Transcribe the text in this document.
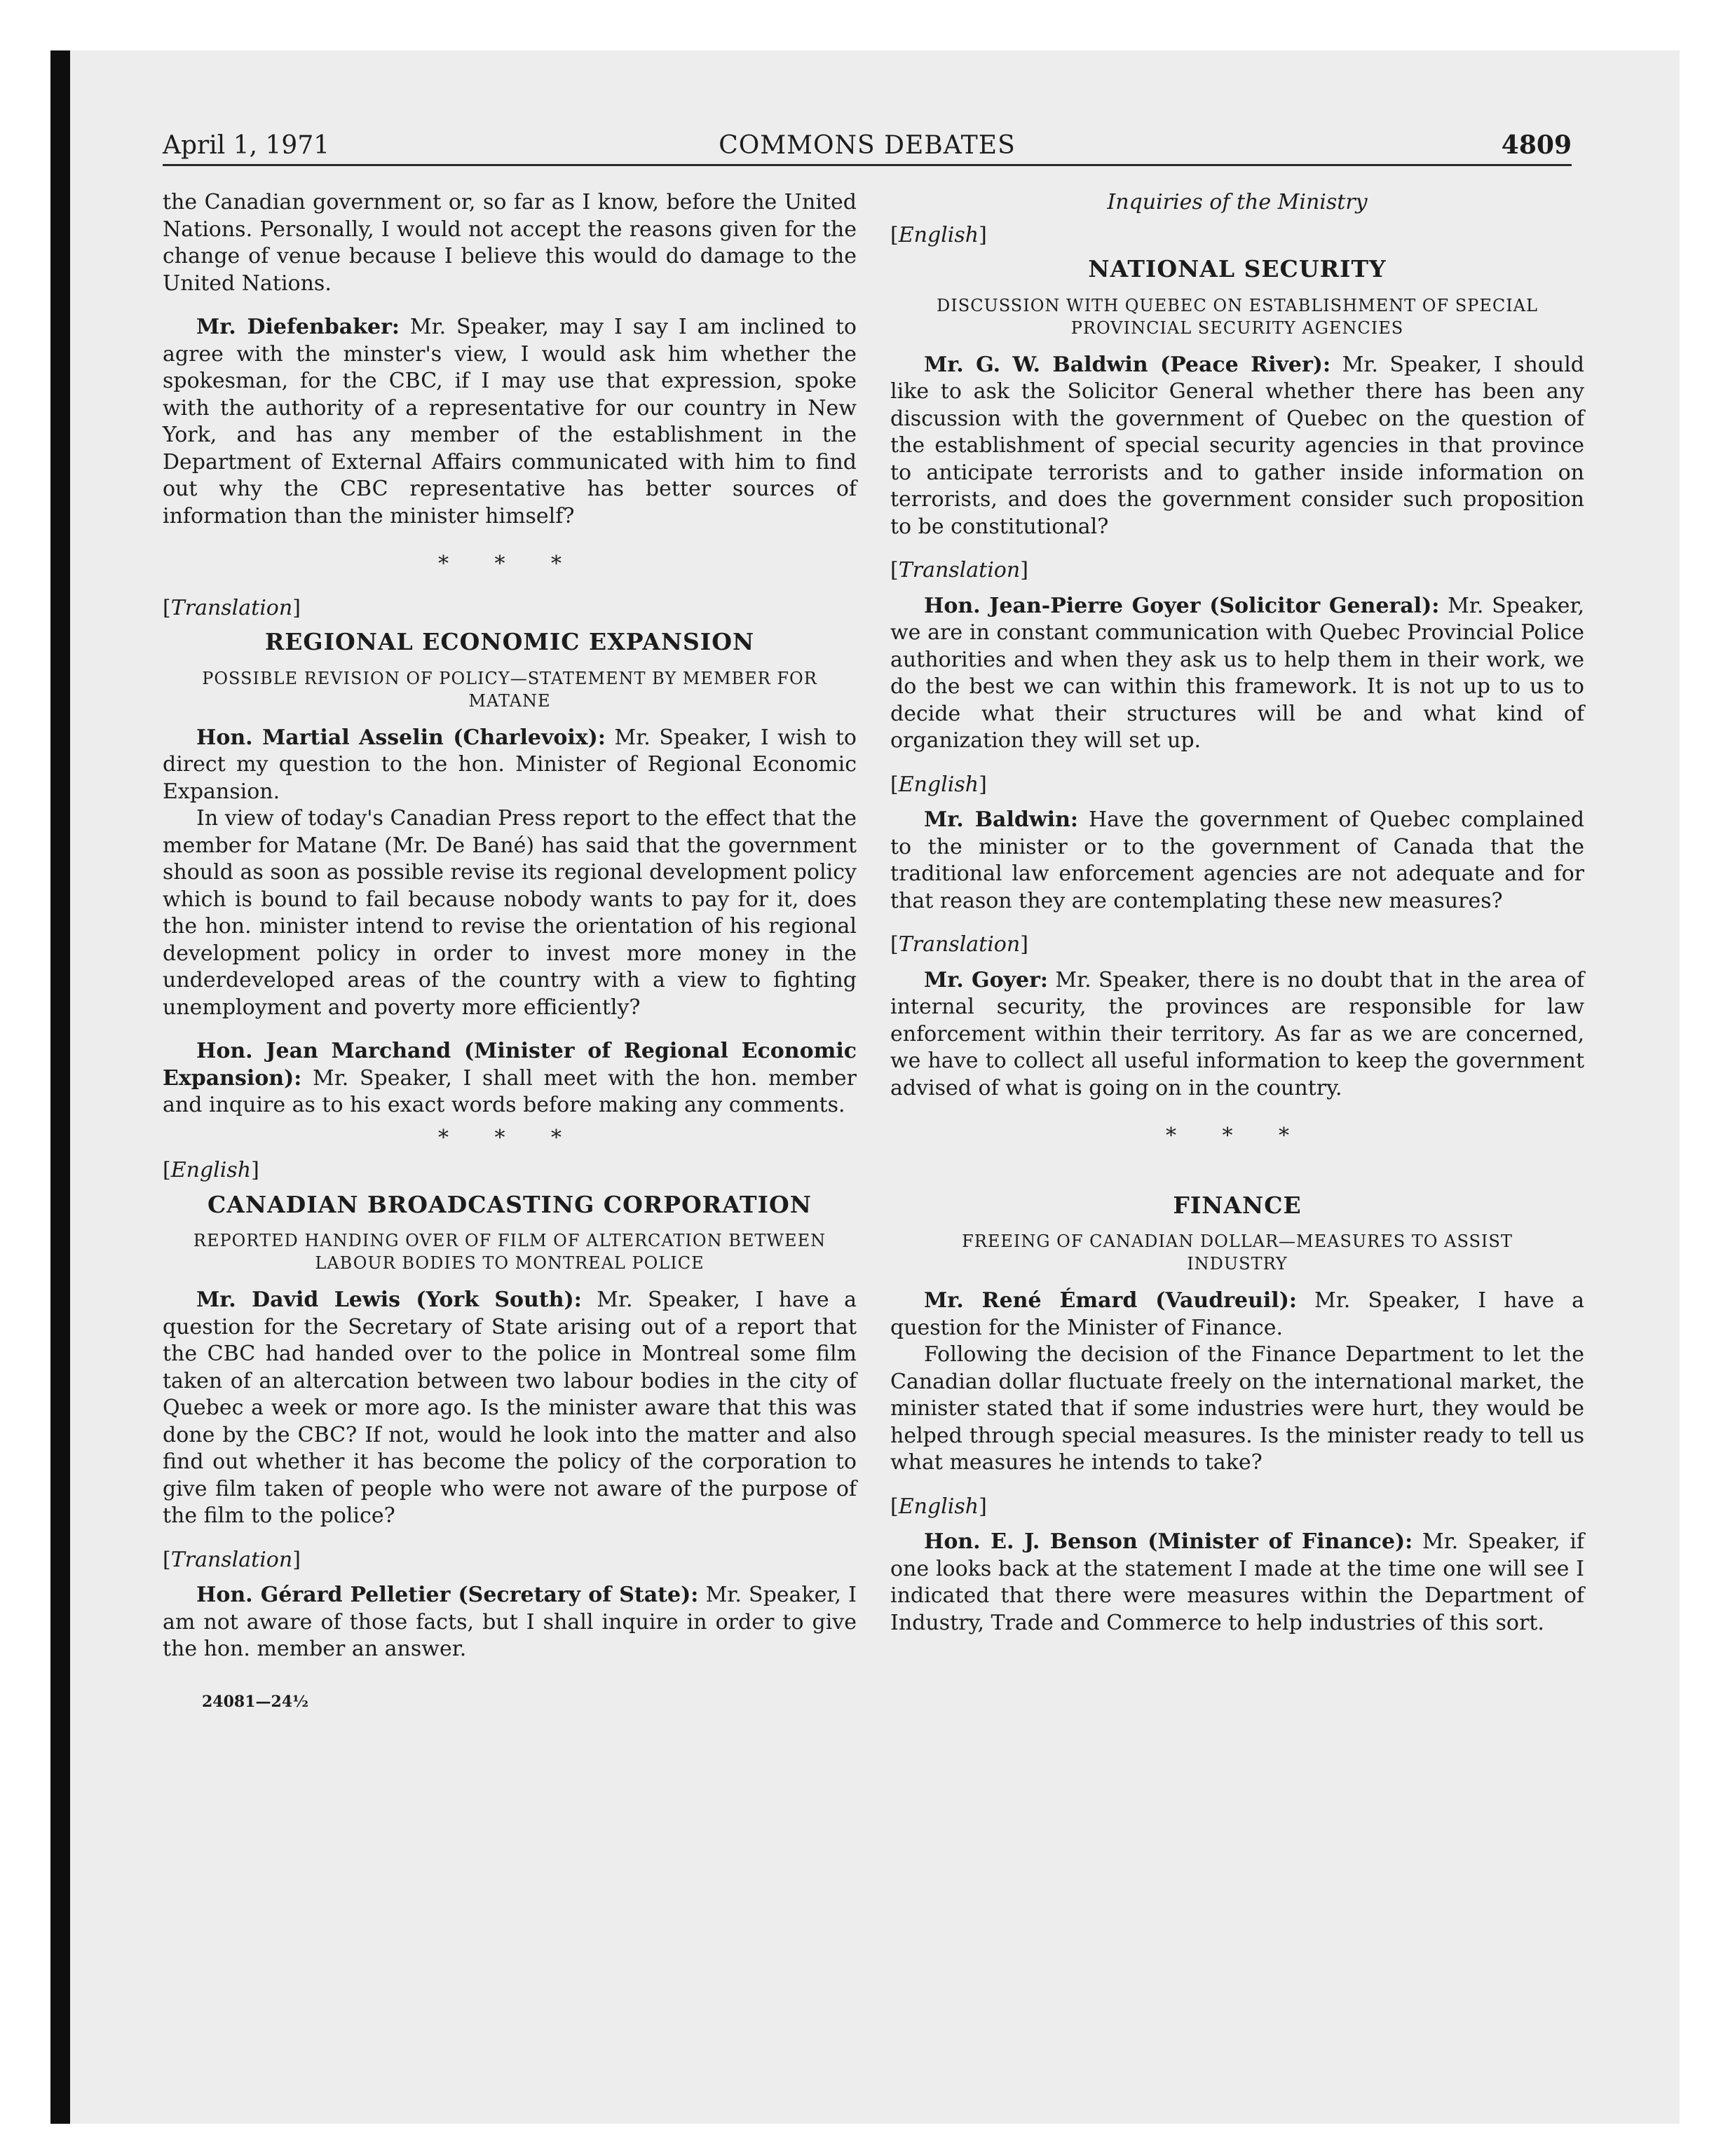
April 1, 1971	COMMONS DEBATES	4809

the Canadian government or, so far as I know, before the United Nations. Personally, I would not accept the reasons given for the change of venue because I believe this would do damage to the United Nations.

Mr. Diefenbaker: Mr. Speaker, may I say I am inclined to agree with the minster's view, I would ask him whether the spokesman, for the CBC, if I may use that expression, spoke with the authority of a representative for our country in New York, and has any member of the establishment in the Department of External Affairs communicated with him to find out why the CBC representative has better sources of information than the minister himself?

* * *
[Translation]
REGIONAL ECONOMIC EXPANSION
POSSIBLE REVISION OF POLICY—STATEMENT BY MEMBER FOR MATANE

Hon. Martial Asselin (Charlevoix): Mr. Speaker, I wish to direct my question to the hon. Minister of Regional Economic Expansion.

In view of today's Canadian Press report to the effect that the member for Matane (Mr. De Bané) has said that the government should as soon as possible revise its regional development policy which is bound to fail because nobody wants to pay for it, does the hon. minister intend to revise the orientation of his regional development policy in order to invest more money in the underdeveloped areas of the country with a view to fighting unemployment and poverty more efficiently?

Hon. Jean Marchand (Minister of Regional Economic Expansion): Mr. Speaker, I shall meet with the hon. member and inquire as to his exact words before making any comments.

* * *
[English]
CANADIAN BROADCASTING CORPORATION
REPORTED HANDING OVER OF FILM OF ALTERCATION BETWEEN LABOUR BODIES TO MONTREAL POLICE

Mr. David Lewis (York South): Mr. Speaker, I have a question for the Secretary of State arising out of a report that the CBC had handed over to the police in Montreal some film taken of an altercation between two labour bodies in the city of Quebec a week or more ago. Is the minister aware that this was done by the CBC? If not, would he look into the matter and also find out whether it has become the policy of the corporation to give film taken of people who were not aware of the purpose of the film to the police?

[Translation]

Hon. Gérard Pelletier (Secretary of State): Mr. Speaker, I am not aware of those facts, but I shall inquire in order to give the hon. member an answer.

24081—24½
Inquiries of the Ministry
[English]
NATIONAL SECURITY
DISCUSSION WITH QUEBEC ON ESTABLISHMENT OF SPECIAL PROVINCIAL SECURITY AGENCIES

Mr. G. W. Baldwin (Peace River): Mr. Speaker, I should like to ask the Solicitor General whether there has been any discussion with the government of Quebec on the question of the establishment of special security agencies in that province to anticipate terrorists and to gather inside information on terrorists, and does the government consider such proposition to be constitutional?

[Translation]

Hon. Jean-Pierre Goyer (Solicitor General): Mr. Speaker, we are in constant communication with Quebec Provincial Police authorities and when they ask us to help them in their work, we do the best we can within this framework. It is not up to us to decide what their structures will be and what kind of organization they will set up.

[English]

Mr. Baldwin: Have the government of Quebec complained to the minister or to the government of Canada that the traditional law enforcement agencies are not adequate and for that reason they are contemplating these new measures?

[Translation]

Mr. Goyer: Mr. Speaker, there is no doubt that in the area of internal security, the provinces are responsible for law enforcement within their territory. As far as we are concerned, we have to collect all useful information to keep the government advised of what is going on in the country.

* * *
FINANCE
FREEING OF CANADIAN DOLLAR—MEASURES TO ASSIST INDUSTRY

Mr. René Émard (Vaudreuil): Mr. Speaker, I have a question for the Minister of Finance.

Following the decision of the Finance Department to let the Canadian dollar fluctuate freely on the international market, the minister stated that if some industries were hurt, they would be helped through special measures. Is the minister ready to tell us what measures he intends to take?

[English]

Hon. E. J. Benson (Minister of Finance): Mr. Speaker, if one looks back at the statement I made at the time one will see I indicated that there were measures within the Department of Industry, Trade and Commerce to help industries of this sort.
